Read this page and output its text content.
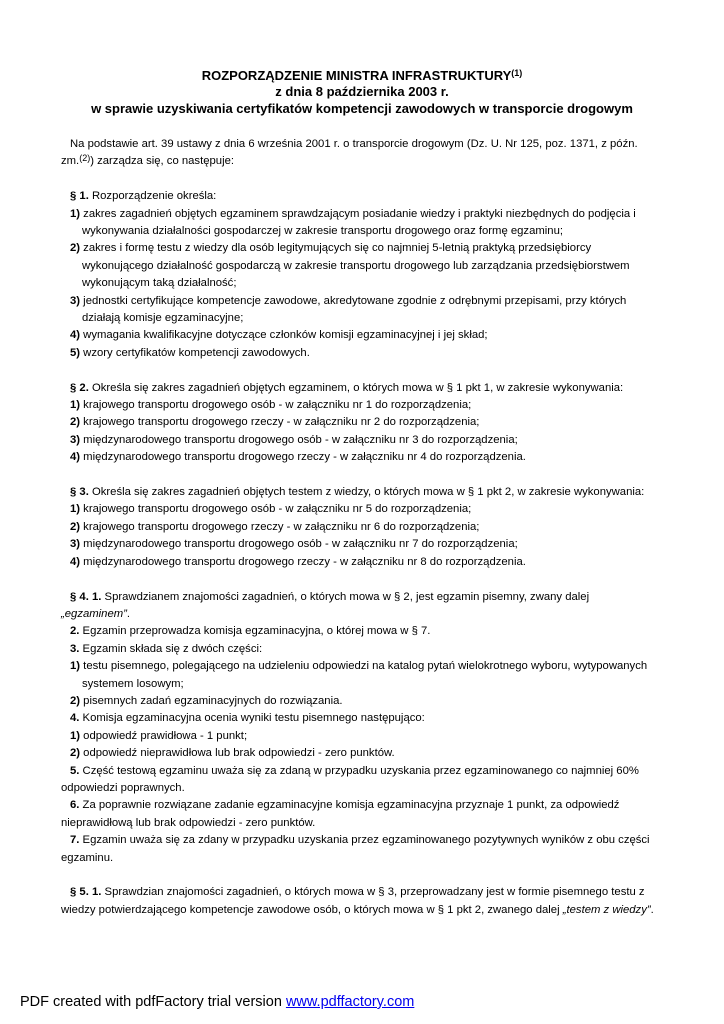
ROZPORZĄDZENIE MINISTRA INFRASTRUKTURY$^{(1)}$
z dnia 8 października 2003 r.
w sprawie uzyskiwania certyfikatów kompetencji zawodowych w transporcie drogowym

Na podstawie art. 39 ustawy z dnia 6 września 2001 r. o transporcie drogowym (Dz. U. Nr 125, poz. 1371, z późn.

zm.$^{(2)}$) zarządza się, co następuje:

§ 1. Rozporządzenie określa:

1) zakres zagadnień objętych egzaminem sprawdzającym posiadanie wiedzy i praktyki niezbędnych do podjęcia i
wykonywania działalności gospodarczej w zakresie transportu drogowego oraz formę egzaminu;

2) zakres i formę testu z wiedzy dla osób legitymujących się co najmniej 5-letnią praktyką przedsiębiorcy
wykonującego działalność gospodarczą w zakresie transportu drogowego lub zarządzania przedsiębiorstwem
wykonującym taką działalność;

3) jednostki certyfikujące kompetencje zawodowe, akredytowane zgodnie z odrębnymi przepisami, przy których
działają komisje egzaminacyjne;

4) wymagania kwalifikacyjne dotyczące członków komisji egzaminacyjnej i jej skład;

5) wzory certyfikatów kompetencji zawodowych.

§ 2. Określa się zakres zagadnień objętych egzaminem, o których mowa w § 1 pkt 1, w zakresie wykonywania:

1) krajowego transportu drogowego osób - w załączniku nr 1 do rozporządzenia;

2) krajowego transportu drogowego rzeczy - w załączniku nr 2 do rozporządzenia;

3) międzynarodowego transportu drogowego osób - w załączniku nr 3 do rozporządzenia;

4) międzynarodowego transportu drogowego rzeczy - w załączniku nr 4 do rozporządzenia.

§ 3. Określa się zakres zagadnień objętych testem z wiedzy, o których mowa w § 1 pkt 2, w zakresie wykonywania:

1) krajowego transportu drogowego osób - w załączniku nr 5 do rozporządzenia;

2) krajowego transportu drogowego rzeczy - w załączniku nr 6 do rozporządzenia;

3) międzynarodowego transportu drogowego osób - w załączniku nr 7 do rozporządzenia;

4) międzynarodowego transportu drogowego rzeczy - w załączniku nr 8 do rozporządzenia.

§ 4. 1. Sprawdzianem znajomości zagadnień, o których mowa w § 2, jest egzamin pisemny, zwany dalej
„egzaminem”.

2. Egzamin przeprowadza komisja egzaminacyjna, o której mowa w § 7.

3. Egzamin składa się z dwóch części:

1) testu pisemnego, polegającego na udzieleniu odpowiedzi na katalog pytań wielokrotnego wyboru, wytypowanych
systemem losowym;

2) pisemnych zadań egzaminacyjnych do rozwiązania.

4. Komisja egzaminacyjna ocenia wyniki testu pisemnego następująco:

1) odpowiedź prawidłowa - 1 punkt;

2) odpowiedź nieprawidłowa lub brak odpowiedzi - zero punktów.

5. Część testową egzaminu uważa się za zdaną w przypadku uzyskania przez egzaminowanego co najmniej 60%
odpowiedzi poprawnych.

6. Za poprawnie rozwiązane zadanie egzaminacyjne komisja egzaminacyjna przyznaje 1 punkt, za odpowiedź
nieprawidłową lub brak odpowiedzi - zero punktów.

7. Egzamin uważa się za zdany w przypadku uzyskania przez egzaminowanego pozytywnych wyników z obu części
egzaminu.

§ 5. 1. Sprawdzian znajomości zagadnień, o których mowa w § 3, przeprowadzany jest w formie pisemnego testu z
wiedzy potwierdzającego kompetencje zawodowe osób, o których mowa w § 1 pkt 2, zwanego dalej „testem z wiedzy”.

PDF created with pdfFactory trial version www.pdffactory.com
